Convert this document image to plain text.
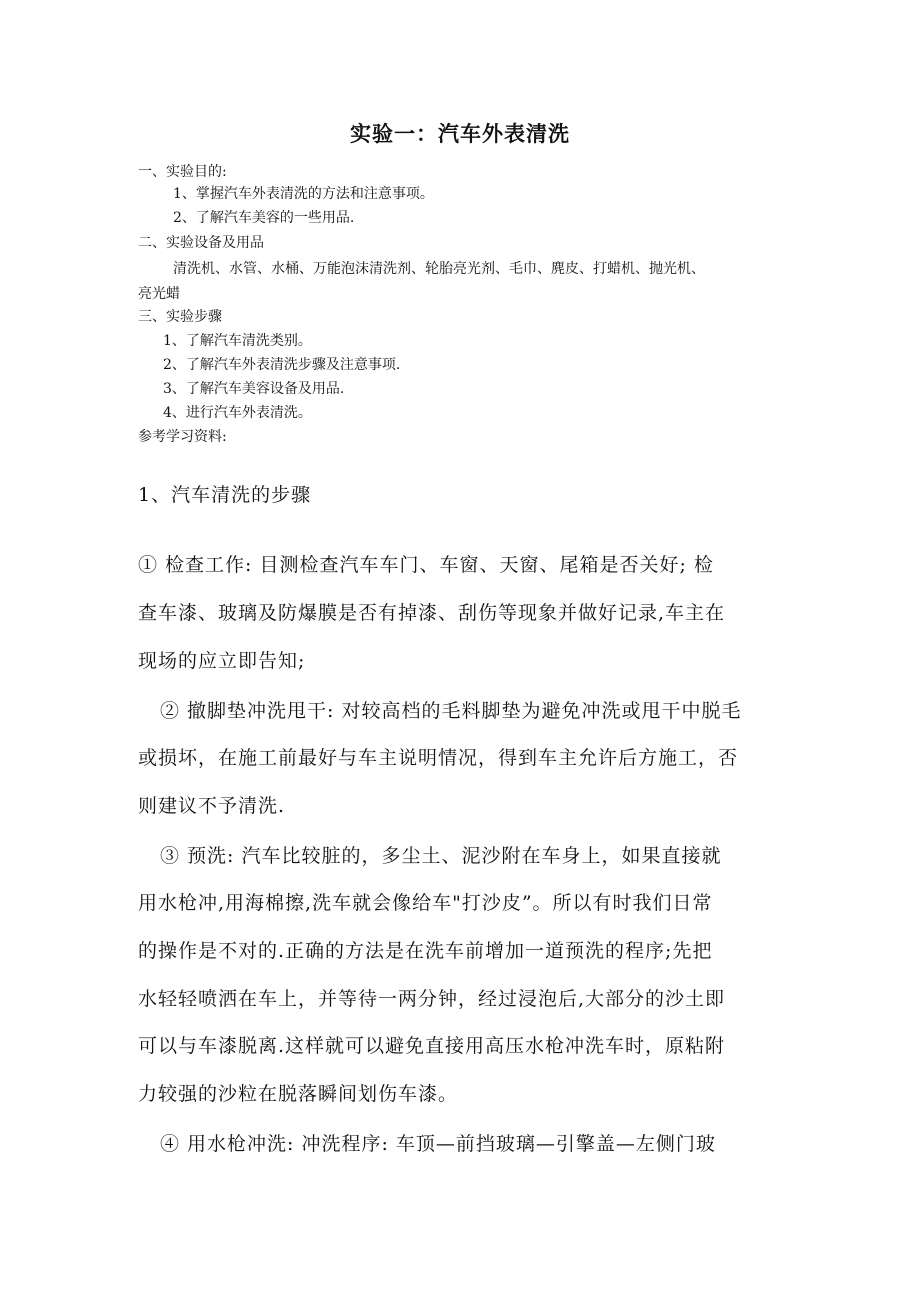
实验一：汽车外表清洗
一、实验目的:
1、掌握汽车外表清洗的方法和注意事项。
2、了解汽车美容的一些用品.
二、实验设备及用品
清洗机、水管、水桶、万能泡沫清洗剂、轮胎亮光剂、毛巾、麂皮、打蜡机、抛光机、
亮光蜡
三、实验步骤
1、了解汽车清洗类别。
2、了解汽车外表清洗步骤及注意事项.
3、了解汽车美容设备及用品.
4、进行汽车外表清洗。
参考学习资料:
1、汽车清洗的步骤
① 检查工作: 目测检查汽车车门、车窗、天窗、尾箱是否关好; 检
查车漆、玻璃及防爆膜是否有掉漆、刮伤等现象并做好记录,车主在
现场的应立即告知;
② 撤脚垫冲洗甩干: 对较高档的毛料脚垫为避免冲洗或甩干中脱毛
或损坏，在施工前最好与车主说明情况，得到车主允许后方施工，否
则建议不予清洗.
③ 预洗: 汽车比较脏的，多尘土、泥沙附在车身上，如果直接就
用水枪冲,用海棉擦,洗车就会像给车"打沙皮”。所以有时我们日常
的操作是不对的.正确的方法是在洗车前增加一道预洗的程序;先把
水轻轻喷洒在车上，并等待一两分钟，经过浸泡后,大部分的沙土即
可以与车漆脱离.这样就可以避免直接用高压水枪冲洗车时，原粘附
力较强的沙粒在脱落瞬间划伤车漆。
④ 用水枪冲洗: 冲洗程序: 车顶—前挡玻璃—引擎盖—左侧门玻
